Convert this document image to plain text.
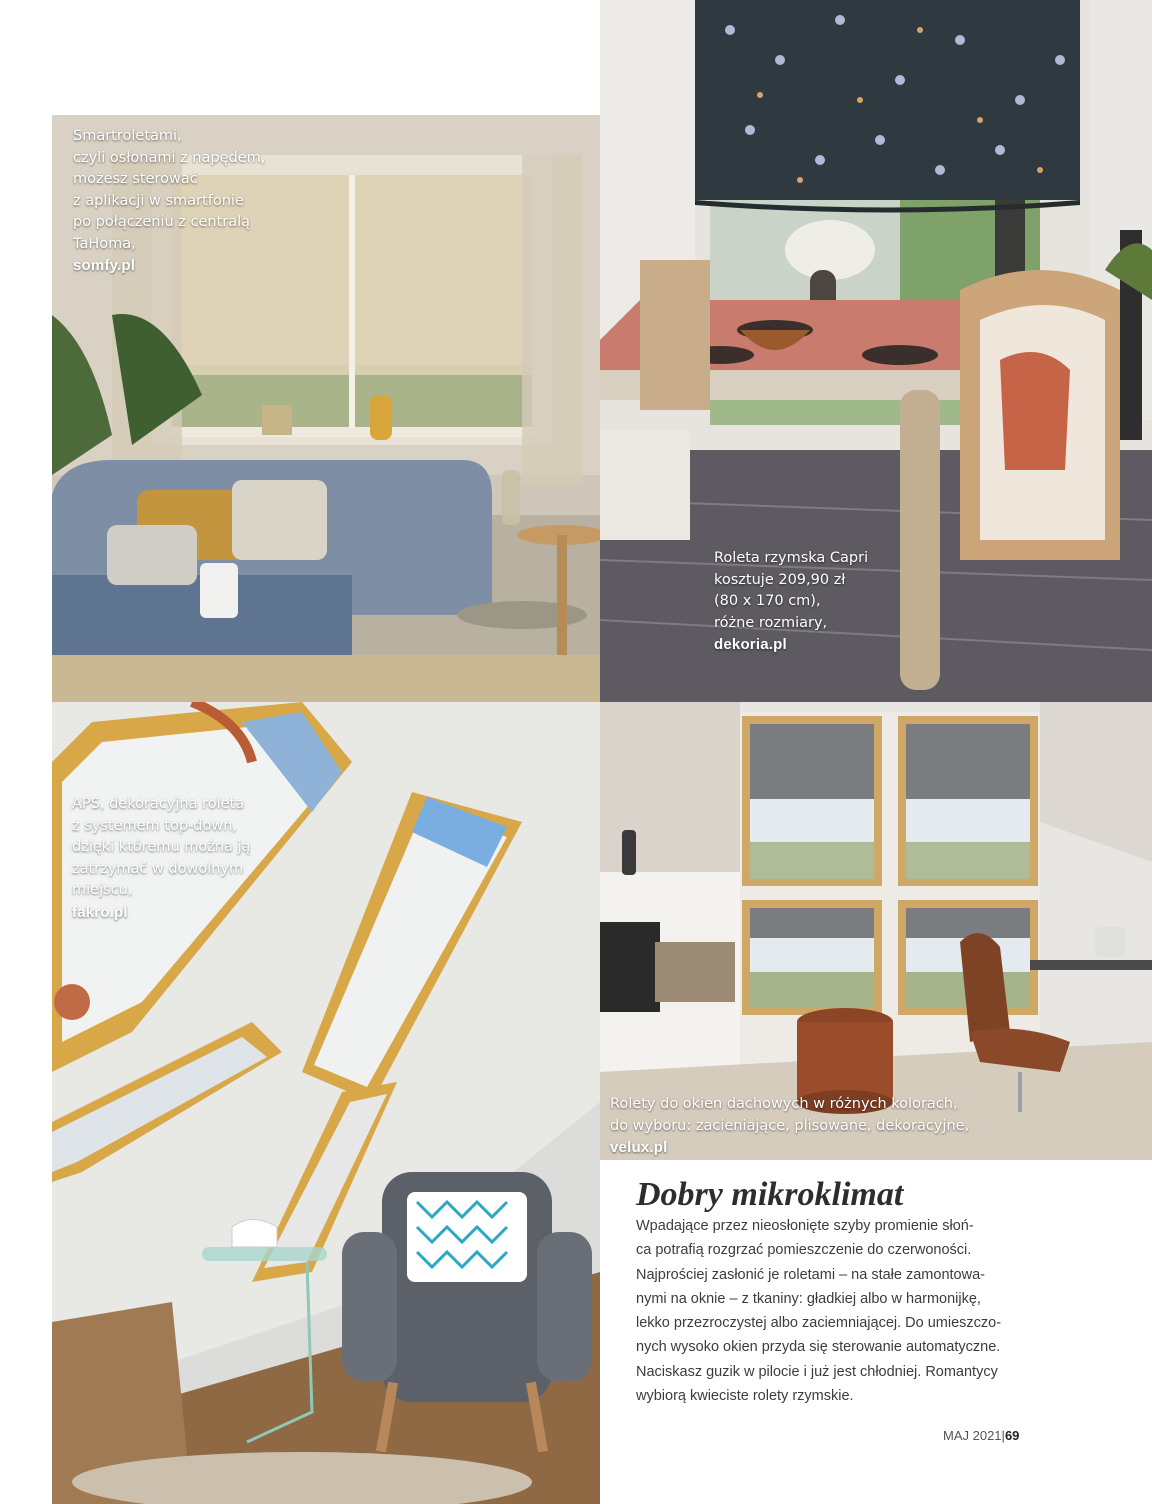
Smartroletami,
czyli osłonami z napędem,
możesz sterować
z aplikacji w smartfonie
po połączeniu z centralą
TaHoma,
somfy.pl
Roleta rzymska Capri
kosztuje 209,90 zł
(80 x 170 cm),
różne rozmiary,
dekoria.pl
APS, dekoracyjna roleta
z systemem top-down,
dzięki któremu można ją
zatrzymać w dowolnym
miejscu,
fakro.pl
Rolety do okien dachowych w różnych kolorach,
do wyboru: zacieniające, plisowane, dekoracyjne,
velux.pl
Dobry mikroklimat

Wpadające przez nieosłonięte szyby promienie słoń-
ca potrafią rozgrzać pomieszczenie do czerwoności.
Najprościej zasłonić je roletami – na stałe zamontowa-
nymi na oknie – z tkaniny: gładkiej albo w harmonijkę,
lekko przezroczystej albo zaciemniającej. Do umieszczo-
nych wysoko okien przyda się sterowanie automatyczne.
Naciskasz guzik w pilocie i już jest chłodniej. Romantycy
wybiorą kwieciste rolety rzymskie.

MAJ 2021|69
